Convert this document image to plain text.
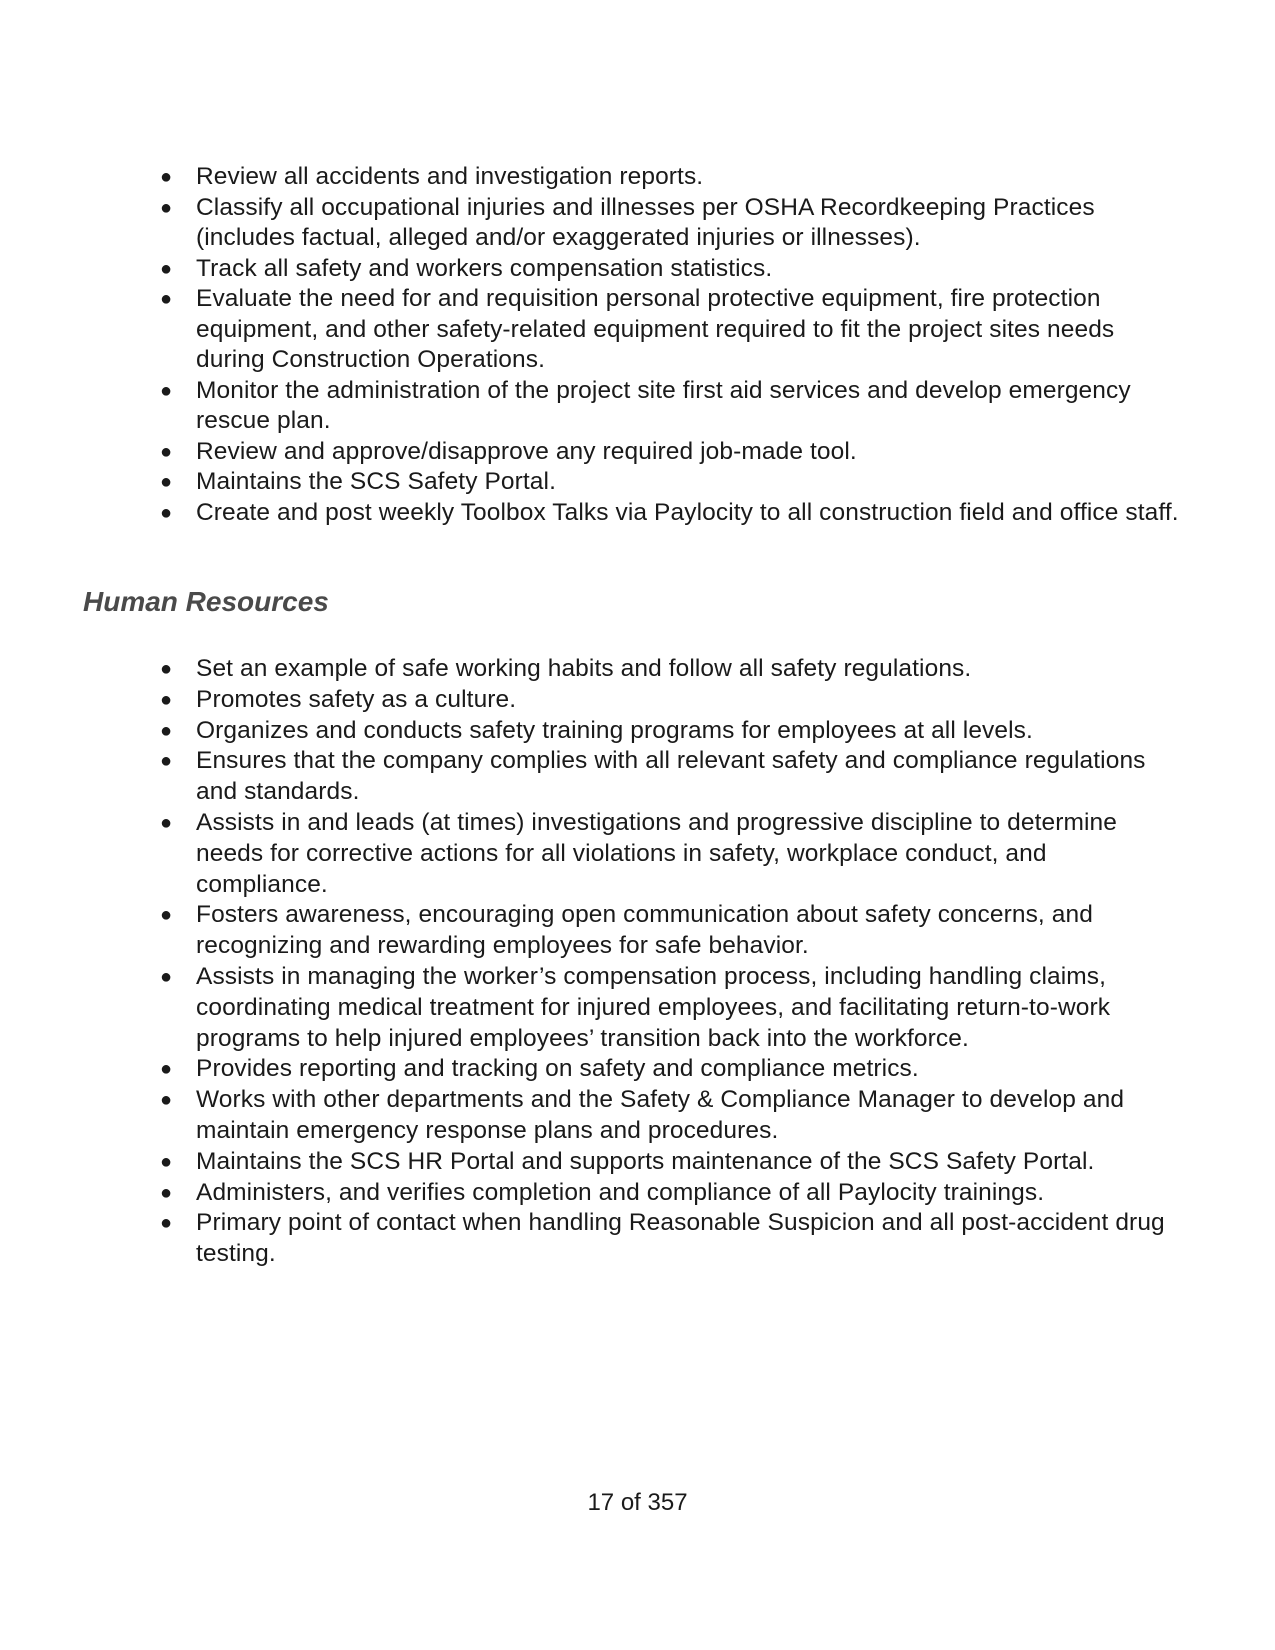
● Review all accidents and investigation reports.
● Classify all occupational injuries and illnesses per OSHA Recordkeeping Practices (includes factual, alleged and/or exaggerated injuries or illnesses).
● Track all safety and workers compensation statistics.
● Evaluate the need for and requisition personal protective equipment, fire protection equipment, and other safety-related equipment required to fit the project sites needs during Construction Operations.
● Monitor the administration of the project site first aid services and develop emergency rescue plan.
● Review and approve/disapprove any required job-made tool.
● Maintains the SCS Safety Portal.
● Create and post weekly Toolbox Talks via Paylocity to all construction field and office staff.
Human Resources
● Set an example of safe working habits and follow all safety regulations.
● Promotes safety as a culture.
● Organizes and conducts safety training programs for employees at all levels.
● Ensures that the company complies with all relevant safety and compliance regulations and standards.
● Assists in and leads (at times) investigations and progressive discipline to determine needs for corrective actions for all violations in safety, workplace conduct, and compliance.
● Fosters awareness, encouraging open communication about safety concerns, and recognizing and rewarding employees for safe behavior.
● Assists in managing the worker’s compensation process, including handling claims, coordinating medical treatment for injured employees, and facilitating return-to-work programs to help injured employees’ transition back into the workforce.
● Provides reporting and tracking on safety and compliance metrics.
● Works with other departments and the Safety & Compliance Manager to develop and maintain emergency response plans and procedures.
● Maintains the SCS HR Portal and supports maintenance of the SCS Safety Portal.
● Administers, and verifies completion and compliance of all Paylocity trainings.
● Primary point of contact when handling Reasonable Suspicion and all post-accident drug testing.
17 of 357
